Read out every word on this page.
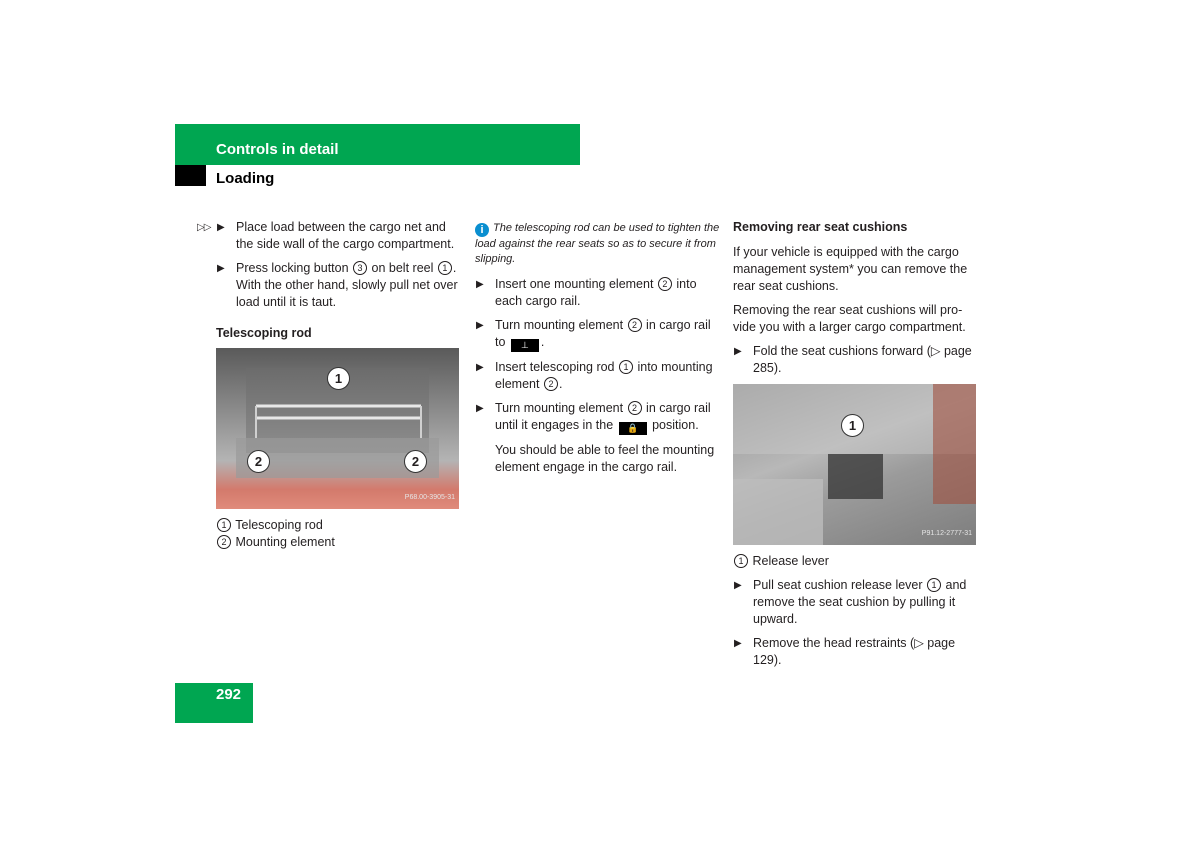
Controls in detail
Loading
▷▷ ▶ Place load between the cargo net and the side wall of the cargo compartment.
▶ Press locking button 3 on belt reel 1 . With the other hand, slowly pull net over load until it is taut.
Telescoping rod
1
2	2
P68.00-3905-31
1 Telescoping rod
2 Mounting element
i The telescoping rod can be used to tighten the load against the rear seats so as to secure it from slipping.
▶ Insert one mounting element 2 into each cargo rail.
▶ Turn mounting element 2 in cargo rail to ⊥ .
▶ Insert telescoping rod 1 into mounting element 2 .
▶ Turn mounting element 2 in cargo rail until it engages in the 🔒 position.
You should be able to feel the mounting element engage in the cargo rail.
Removing rear seat cushions
If your vehicle is equipped with the cargo management system* you can remove the rear seat cushions.
Removing the rear seat cushions will provide you with a larger cargo compartment.
▶ Fold the seat cushions forward (▷ page 285).
1
P91.12-2777-31
1 Release lever
▶ Pull seat cushion release lever 1 and remove the seat cushion by pulling it upward.
▶ Remove the head restraints (▷ page 129).
292
